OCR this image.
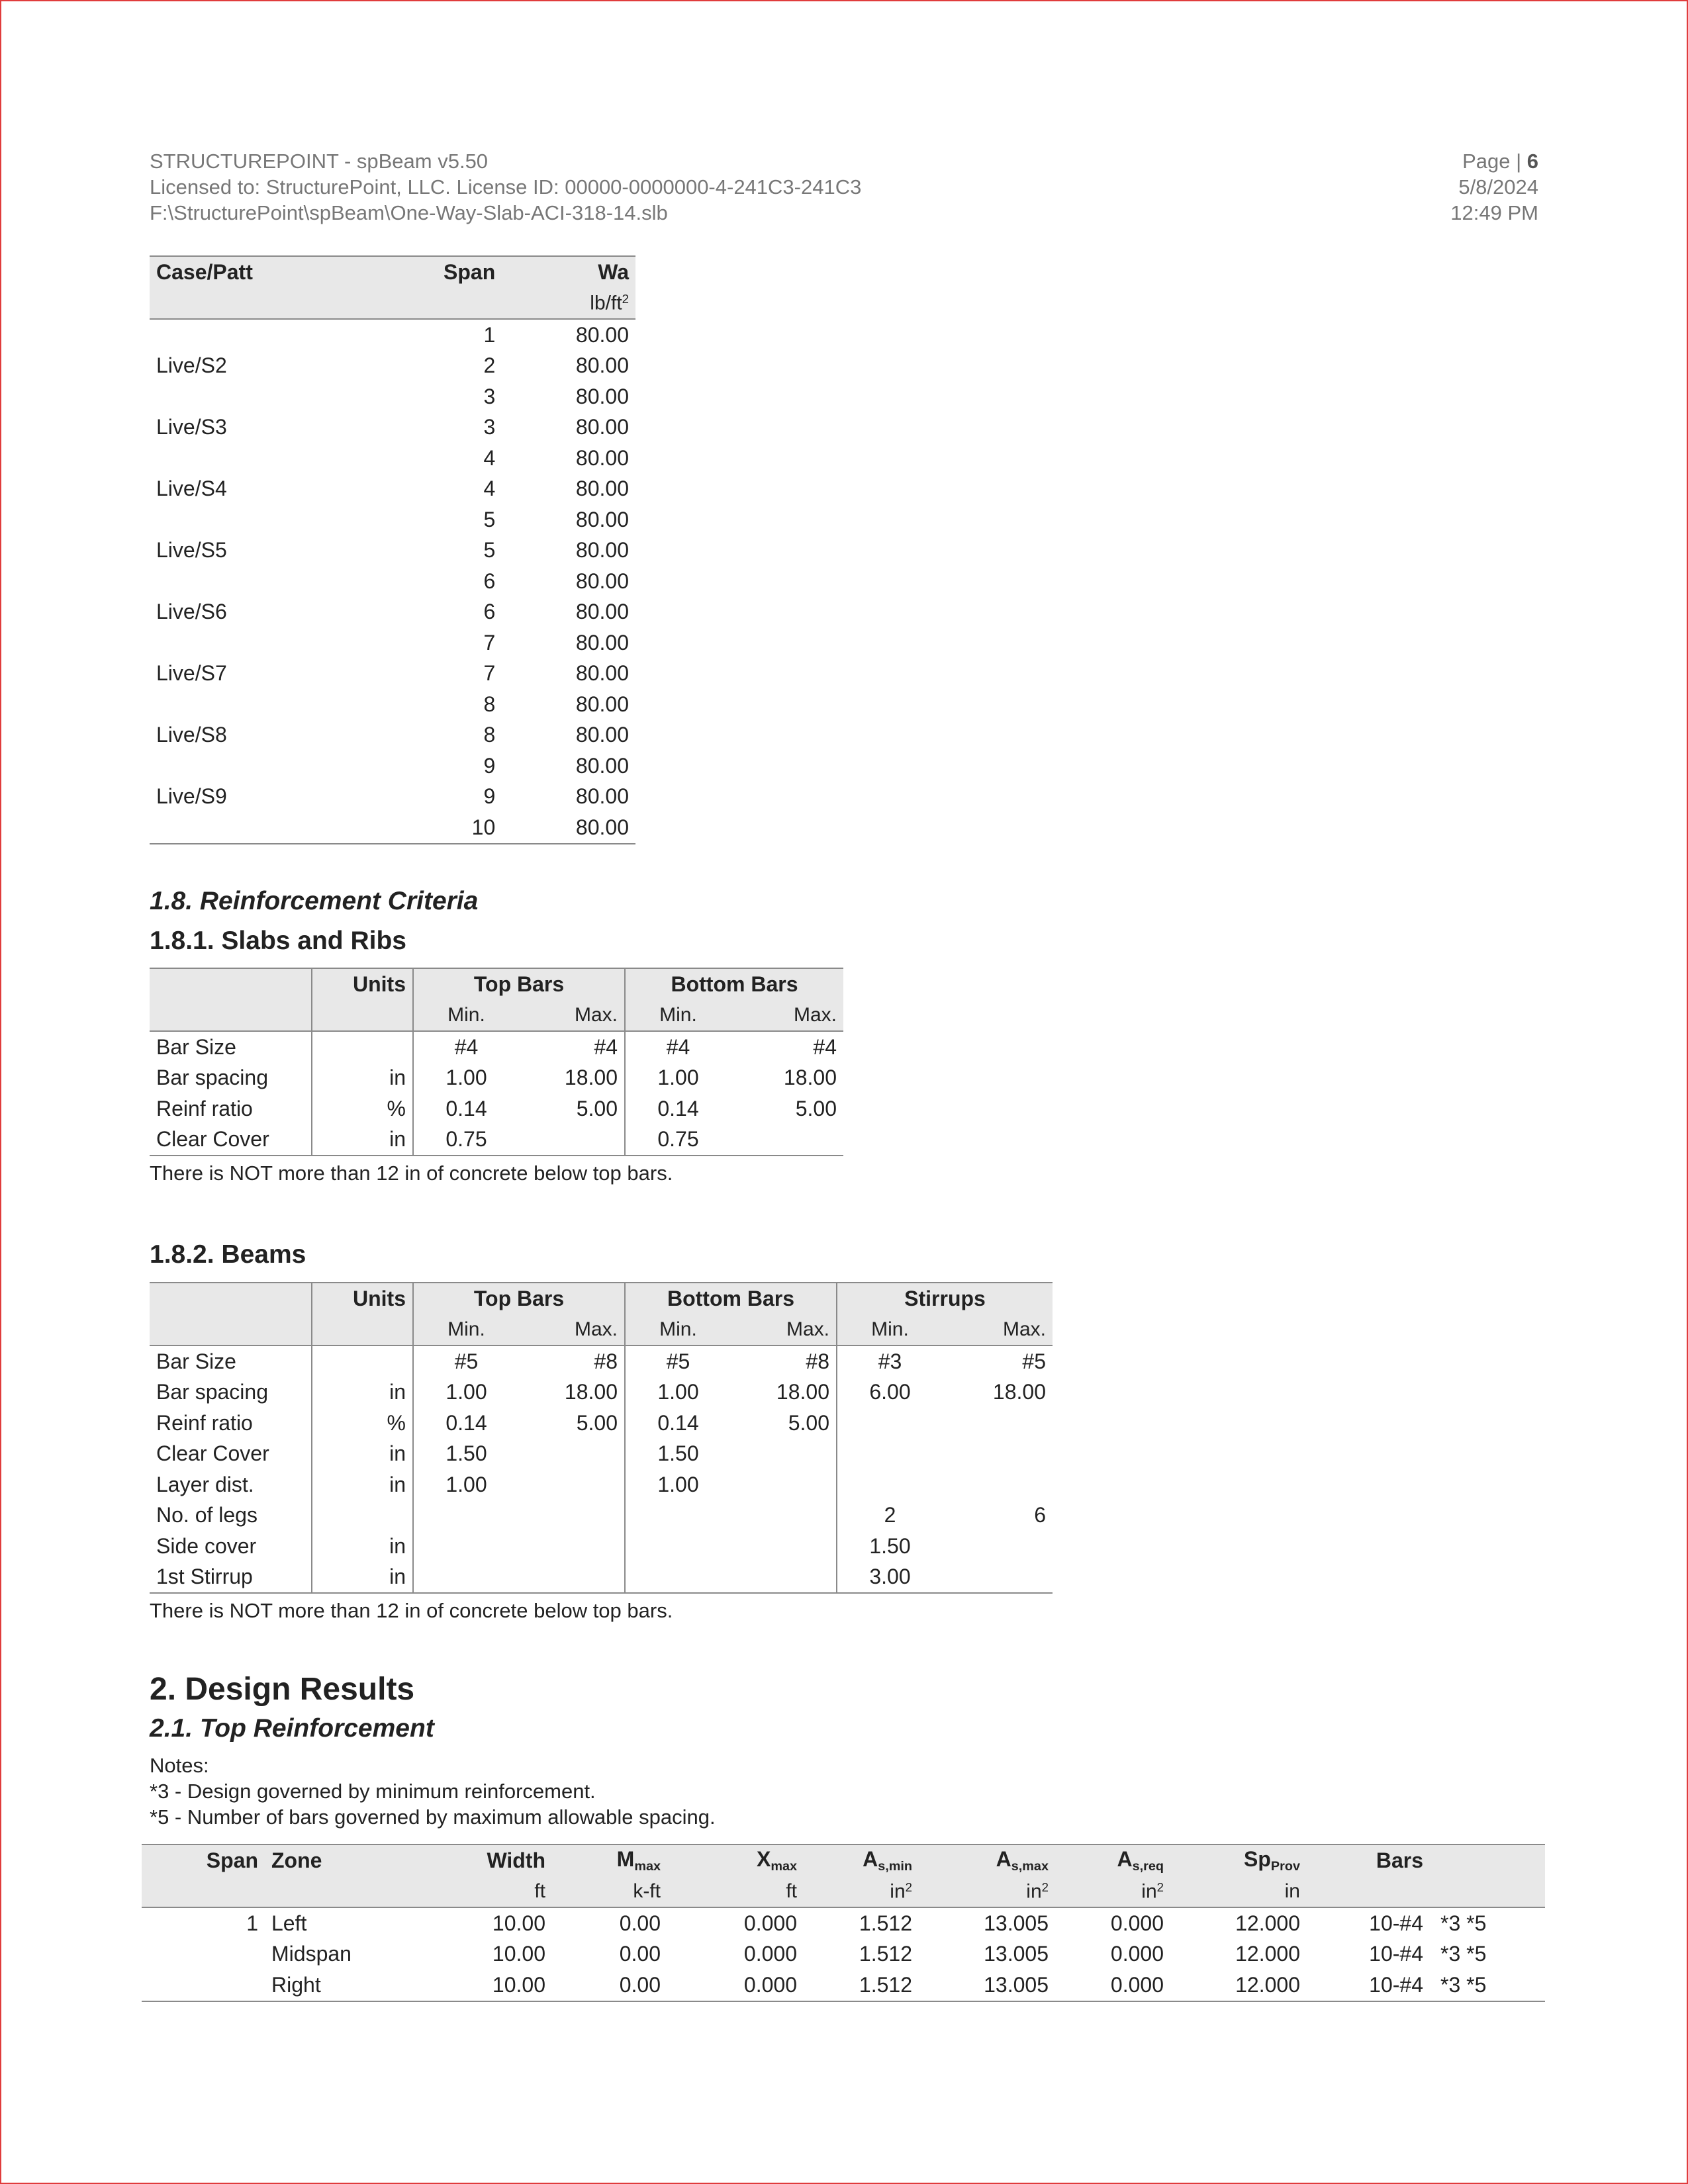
STRUCTUREPOINT - spBeam v5.50
Licensed to: StructurePoint, LLC. License ID: 00000-0000000-4-241C3-241C3
F:\StructurePoint\spBeam\One-Way-Slab-ACI-318-14.slb
Page | 6
5/8/2024
12:49 PM
Case/Patt	Span	Wa
		$lb/ft^2$
	1	80.00
Live/S2	2	80.00
	3	80.00
Live/S3	3	80.00
	4	80.00
Live/S4	4	80.00
	5	80.00
Live/S5	5	80.00
	6	80.00
Live/S6	6	80.00
	7	80.00
Live/S7	7	80.00
	8	80.00
Live/S8	8	80.00
	9	80.00
Live/S9	9	80.00
	10	80.00
1.8. Reinforcement Criteria
1.8.1. Slabs and Ribs
	Units	Top Bars		Bottom Bars	
		Min.	Max.	Min.	Max.
Bar Size		#4	#4	#4	#4
Bar spacing	in	1.00	18.00	1.00	18.00
Reinf ratio	%	0.14	5.00	0.14	5.00
Clear Cover	in	0.75		0.75	
There is NOT more than 12 in of concrete below top bars.
1.8.2. Beams
	Units	Top Bars		Bottom Bars		Stirrups	
		Min.	Max.	Min.	Max.	Min.	Max.
Bar Size		#5	#8	#5	#8	#3	#5
Bar spacing	in	1.00	18.00	1.00	18.00	6.00	18.00
Reinf ratio	%	0.14	5.00	0.14	5.00		
Clear Cover	in	1.50		1.50			
Layer dist.	in	1.00		1.00			
No. of legs						2	6
Side cover	in					1.50	
1st Stirrup	in					3.00	
There is NOT more than 12 in of concrete below top bars.
2. Design Results
2.1. Top Reinforcement
Notes:
*3 - Design governed by minimum reinforcement.
*5 - Number of bars governed by maximum allowable spacing.
Span	Zone	Width	$M_{max}$	$X_{max}$	$A_{s,min}$	$A_{s,max}$	$A_{s,req}$	$Sp_{Prov}$	Bars	
		ft	k-ft	ft	$in^2$	$in^2$	$in^2$	in		
1	Left	10.00	0.00	0.000	1.512	13.005	0.000	12.000	10-#4	*3 *5
	Midspan	10.00	0.00	0.000	1.512	13.005	0.000	12.000	10-#4	*3 *5
	Right	10.00	0.00	0.000	1.512	13.005	0.000	12.000	10-#4	*3 *5
